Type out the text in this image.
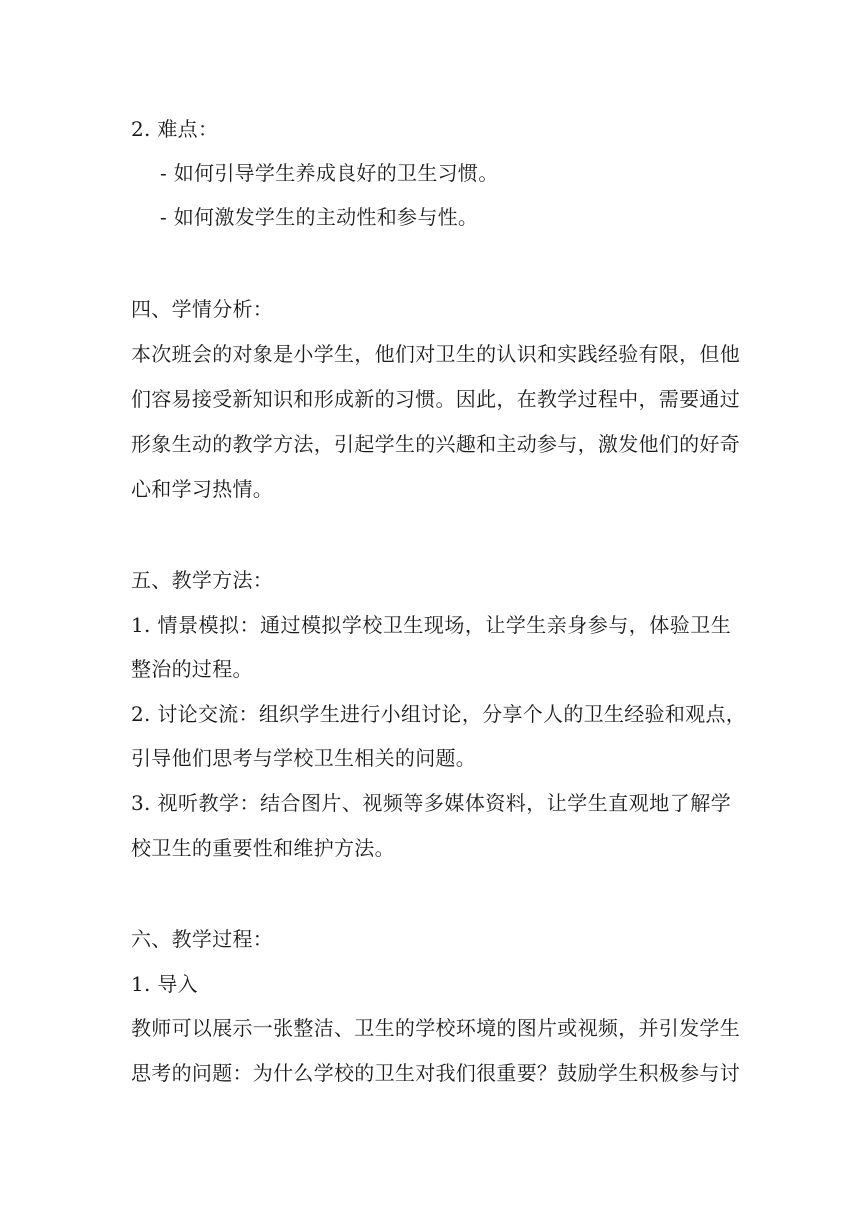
2. 难点：
- 如何引导学生养成良好的卫生习惯。
- 如何激发学生的主动性和参与性。
四、学情分析：
本次班会的对象是小学生，他们对卫生的认识和实践经验有限，但他
们容易接受新知识和形成新的习惯。因此，在教学过程中，需要通过
形象生动的教学方法，引起学生的兴趣和主动参与，激发他们的好奇
心和学习热情。
五、教学方法：
1. 情景模拟：通过模拟学校卫生现场，让学生亲身参与，体验卫生
整治的过程。
2. 讨论交流：组织学生进行小组讨论，分享个人的卫生经验和观点，
引导他们思考与学校卫生相关的问题。
3. 视听教学：结合图片、视频等多媒体资料，让学生直观地了解学
校卫生的重要性和维护方法。
六、教学过程：
1. 导入
教师可以展示一张整洁、卫生的学校环境的图片或视频，并引发学生
思考的问题：为什么学校的卫生对我们很重要？鼓励学生积极参与讨
